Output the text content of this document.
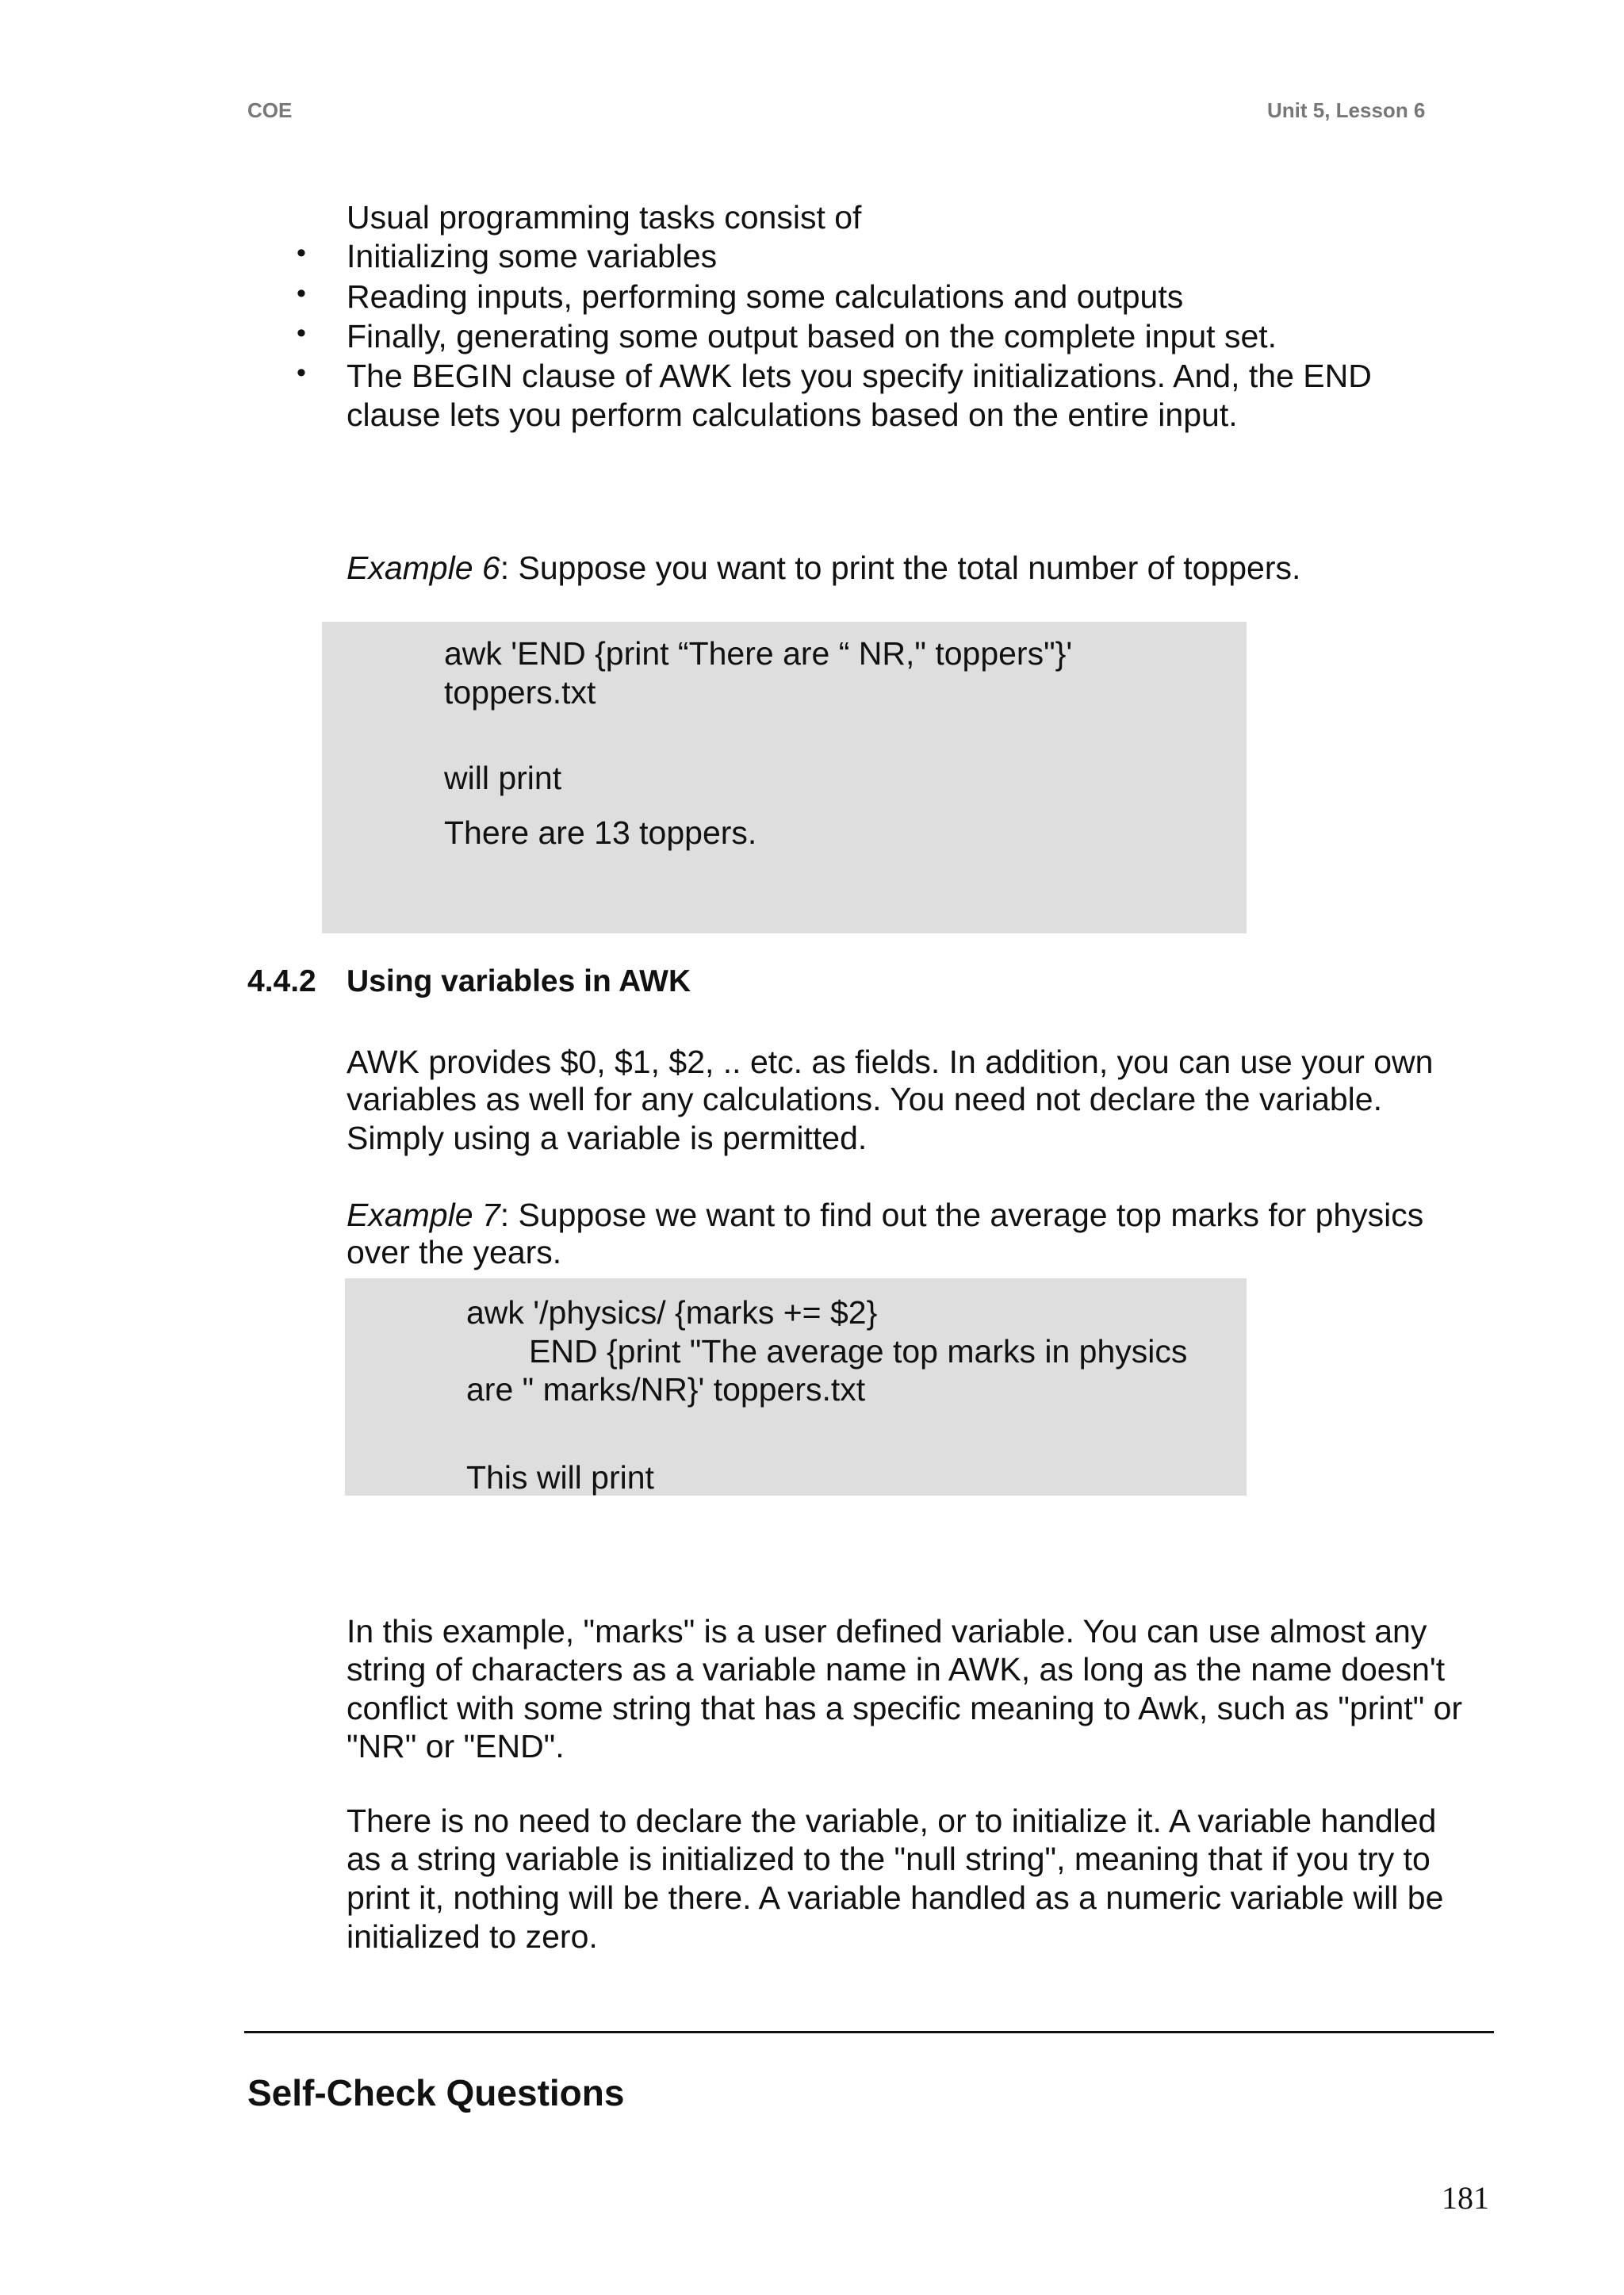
COE	Unit 5, Lesson 6
Usual programming tasks consist of
• Initializing some variables
• Reading inputs, performing some calculations and outputs
• Finally, generating some output based on the complete input set.
• The BEGIN clause of AWK lets you specify initializations. And, the END
clause lets you perform calculations based on the entire input.
Example 6: Suppose you want to print the total number of toppers.
awk 'END {print “There are “ NR," toppers"}'
toppers.txt
will print
There are 13 toppers.
4.4.2 Using variables in AWK
AWK provides $0, $1, $2, .. etc. as fields. In addition, you can use your own
variables as well for any calculations. You need not declare the variable.
Simply using a variable is permitted.
Example 7: Suppose we want to find out the average top marks for physics
over the years.
awk '/physics/ {marks += $2}
END {print "The average top marks in physics
are " marks/NR}' toppers.txt
This will print
In this example, "marks" is a user defined variable. You can use almost any
string of characters as a variable name in AWK, as long as the name doesn't
conflict with some string that has a specific meaning to Awk, such as "print" or
"NR" or "END".
There is no need to declare the variable, or to initialize it. A variable handled
as a string variable is initialized to the "null string", meaning that if you try to
print it, nothing will be there. A variable handled as a numeric variable will be
initialized to zero.
Self-Check Questions
181
